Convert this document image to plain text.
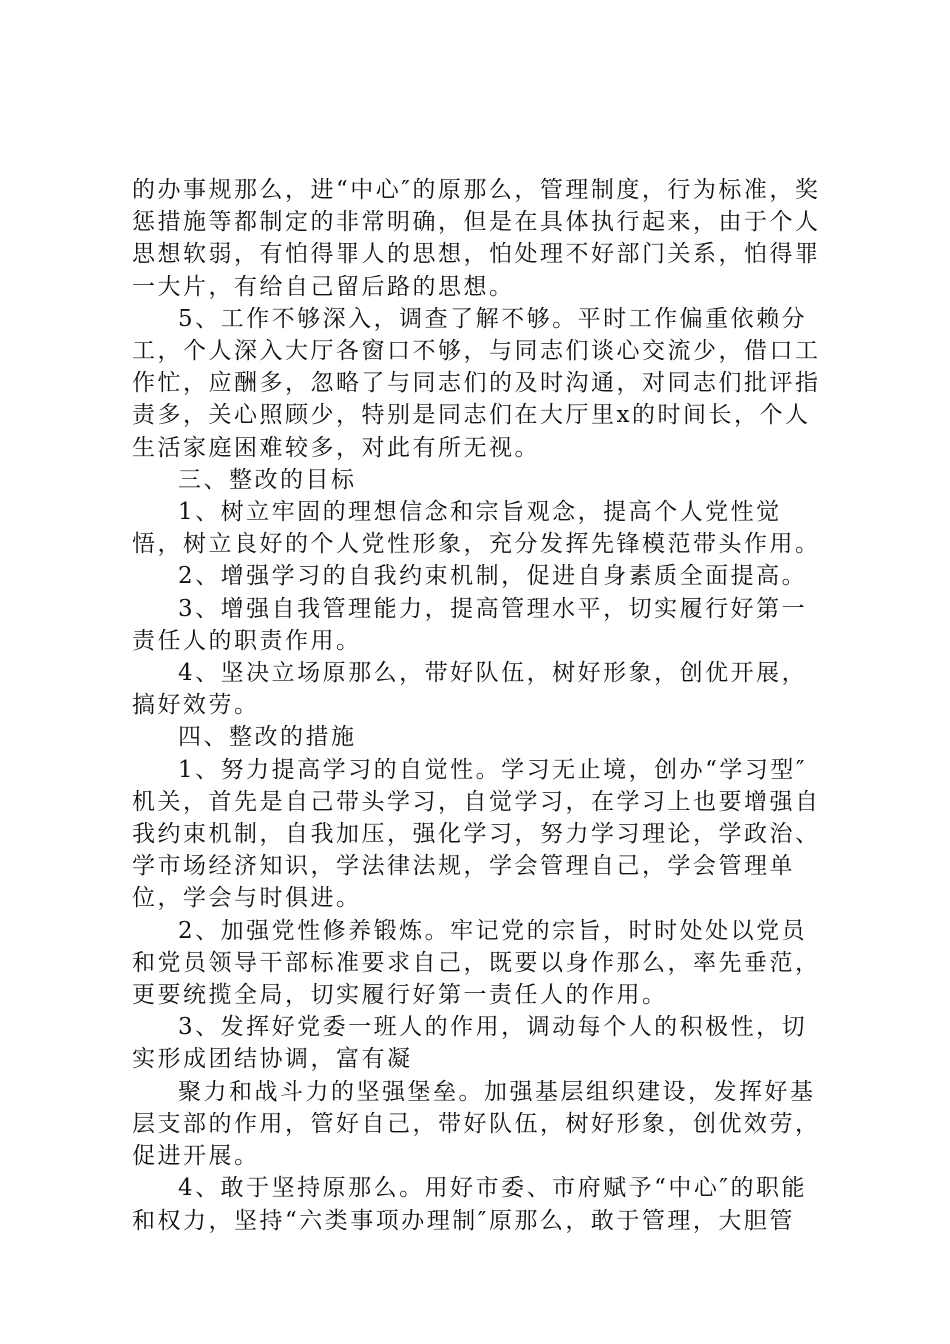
的办事规那么，进“中心″的原那么，管理制度，行为标准，奖惩措施等都制定的非常明确，但是在具体执行起来，由于个人思想软弱，有怕得罪人的思想，怕处理不好部门关系，怕得罪一大片，有给自己留后路的思想。

5、工作不够深入，调查了解不够。平时工作偏重依赖分工，个人深入大厅各窗口不够，与同志们谈心交流少，借口工作忙，应酬多，忽略了与同志们的及时沟通，对同志们批评指责多，关心照顾少，特别是同志们在大厅里x的时间长，个人生活家庭困难较多，对此有所无视。

三、整改的目标

1、树立牢固的理想信念和宗旨观念，提高个人党性觉悟，树立良好的个人党性形象，充分发挥先锋模范带头作用。

2、增强学习的自我约束机制，促进自身素质全面提高。

3、增强自我管理能力，提高管理水平，切实履行好第一责任人的职责作用。

4、坚决立场原那么，带好队伍，树好形象，创优开展，搞好效劳。

四、整改的措施

1、努力提高学习的自觉性。学习无止境，创办“学习型″机关，首先是自己带头学习，自觉学习，在学习上也要增强自我约束机制，自我加压，强化学习，努力学习理论，学政治、学市场经济知识，学法律法规，学会管理自己，学会管理单位，学会与时俱进。

2、加强党性修养锻炼。牢记党的宗旨，时时处处以党员和党员领导干部标准要求自己，既要以身作那么，率先垂范，更要统揽全局，切实履行好第一责任人的作用。

3、发挥好党委一班人的作用，调动每个人的积极性，切实形成团结协调，富有凝

聚力和战斗力的坚强堡垒。加强基层组织建设，发挥好基层支部的作用，管好自己，带好队伍，树好形象，创优效劳，促进开展。

4、敢于坚持原那么。用好市委、市府赋予“中心″的职能和权力，坚持“六类事项办理制″原那么，敢于管理，大胆管
